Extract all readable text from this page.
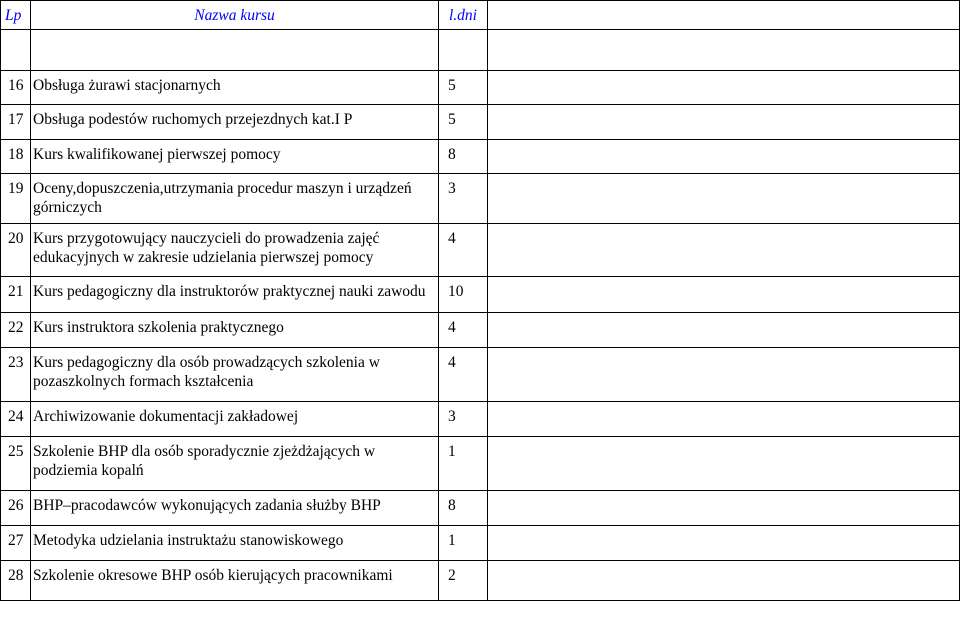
Lp	Nazwa kursu	l.dni	

16	Obsługa żurawi stacjonarnych	5	
17	Obsługa podestów ruchomych przejezdnych kat.I P	5	
18	Kurs kwalifikowanej pierwszej pomocy	8	
19	Oceny,dopuszczenia,utrzymania procedur maszyn i urządzeń górniczych	3	
20	Kurs przygotowujący nauczycieli do prowadzenia zajęć edukacyjnych w zakresie udzielania pierwszej pomocy	4	
21	Kurs pedagogiczny dla instruktorów praktycznej nauki zawodu	10	
22	Kurs instruktora szkolenia praktycznego	4	
23	Kurs pedagogiczny dla osób prowadzących szkolenia w pozaszkolnych formach kształcenia	4	
24	Archiwizowanie dokumentacji zakładowej	3	
25	Szkolenie BHP dla osób sporadycznie zjeżdżających w podziemia kopalń	1	
26	BHP–pracodawców wykonujących zadania służby BHP	8	
27	Metodyka udzielania instruktażu stanowiskowego	1	
28	Szkolenie okresowe BHP osób kierujących pracownikami	2	
